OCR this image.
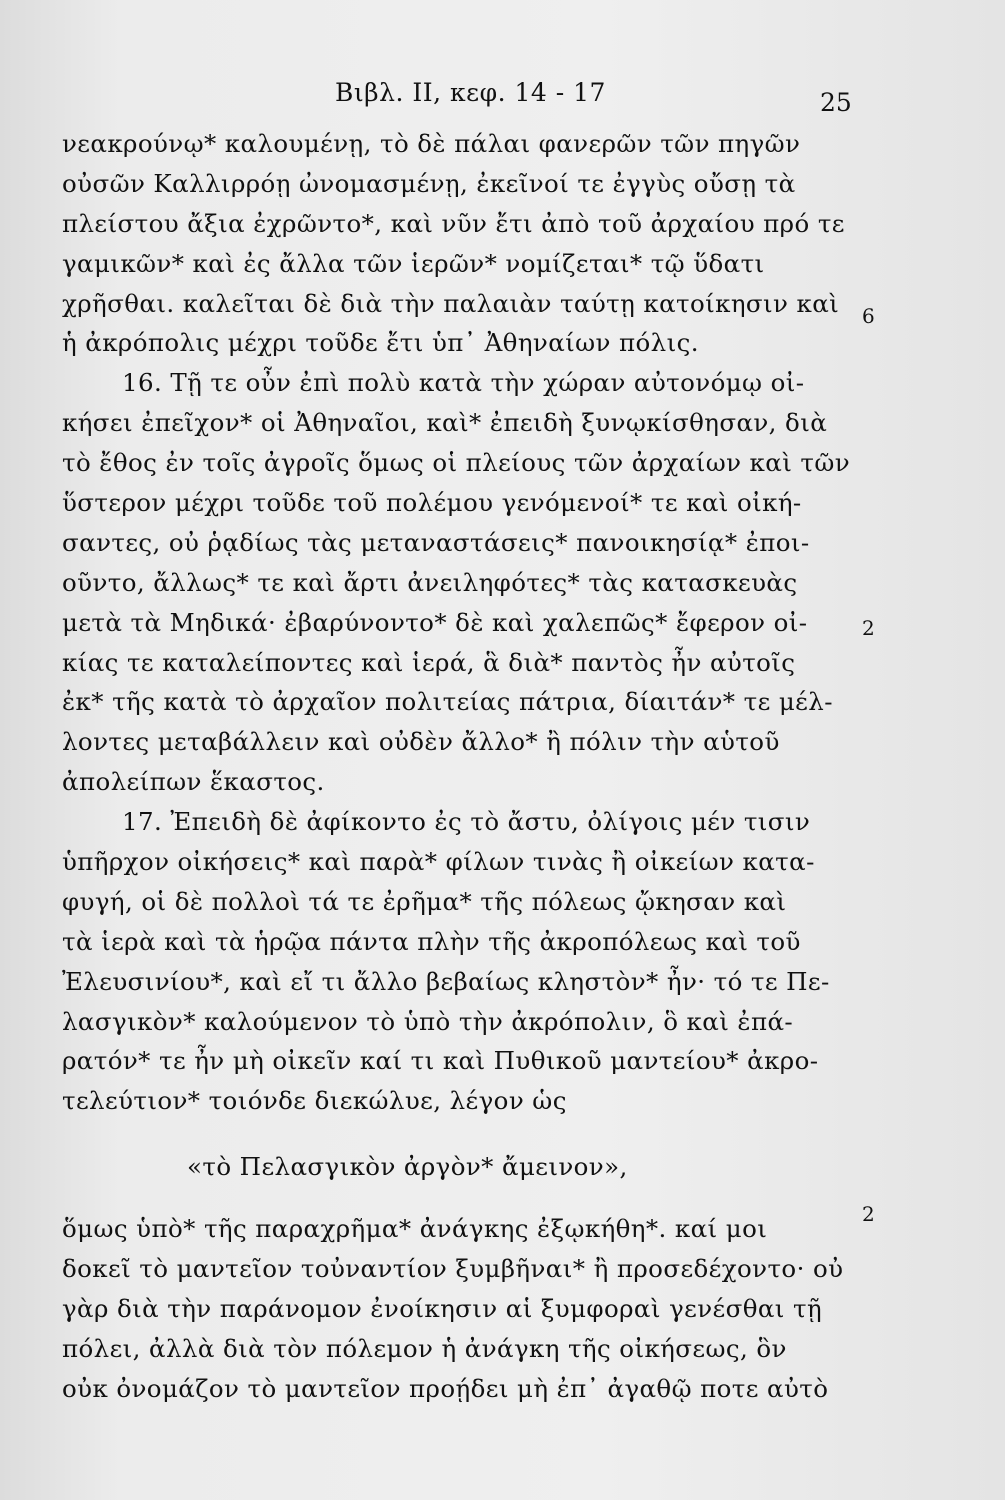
Βιβλ. ΙΙ, κεφ. 14 - 17	25
νεακρούνῳ* καλουμένῃ, τὸ δὲ πάλαι φανερῶν τῶν πηγῶν
οὐσῶν Καλλιρρόῃ ὠνομασμένῃ, ἐκεῖνοί τε ἐγγὺς οὔσῃ τὰ
πλείστου ἄξια ἐχρῶντο*, καὶ νῦν ἔτι ἀπὸ τοῦ ἀρχαίου πρό τε
γαμικῶν* καὶ ἐς ἄλλα τῶν ἱερῶν* νομίζεται* τῷ ὕδατι
χρῆσθαι. καλεῖται δὲ διὰ τὴν παλαιὰν ταύτῃ κατοίκησιν καὶ
ἡ ἀκρόπολις μέχρι τοῦδε ἔτι ὑπ᾿ Ἀθηναίων πόλις.
16. Τῇ τε οὖν ἐπὶ πολὺ κατὰ τὴν χώραν αὐτονόμῳ οἰ-
κήσει ἐπεῖχον* οἱ Ἀθηναῖοι, καὶ* ἐπειδὴ ξυνῳκίσθησαν, διὰ
τὸ ἔθος ἐν τοῖς ἀγροῖς ὅμως οἱ πλείους τῶν ἀρχαίων καὶ τῶν
ὕστερον μέχρι τοῦδε τοῦ πολέμου γενόμενοί* τε καὶ οἰκή-
σαντες, οὐ ῥᾳδίως τὰς μεταναστάσεις* πανοικησίᾳ* ἐποι-
οῦντο, ἄλλως* τε καὶ ἄρτι ἀνειληφότες* τὰς κατασκευὰς
μετὰ τὰ Μηδικά· ἐβαρύνοντο* δὲ καὶ χαλεπῶς* ἔφερον οἰ-
κίας τε καταλείποντες καὶ ἱερά, ἃ διὰ* παντὸς ἦν αὐτοῖς
ἐκ* τῆς κατὰ τὸ ἀρχαῖον πολιτείας πάτρια, δίαιτάν* τε μέλ-
λοντες μεταβάλλειν καὶ οὐδὲν ἄλλο* ἢ πόλιν τὴν αὑτοῦ
ἀπολείπων ἕκαστος.
17. Ἐπειδὴ δὲ ἀφίκοντο ἐς τὸ ἄστυ, ὀλίγοις μέν τισιν
ὑπῆρχον οἰκήσεις* καὶ παρὰ* φίλων τινὰς ἢ οἰκείων κατα-
φυγή, οἱ δὲ πολλοὶ τά τε ἐρῆμα* τῆς πόλεως ᾤκησαν καὶ
τὰ ἱερὰ καὶ τὰ ἡρῷα πάντα πλὴν τῆς ἀκροπόλεως καὶ τοῦ
Ἐλευσινίου*, καὶ εἴ τι ἄλλο βεβαίως κληστὸν* ἦν· τό τε Πε-
λασγικὸν* καλούμενον τὸ ὑπὸ τὴν ἀκρόπολιν, ὃ καὶ ἐπά-
ρατόν* τε ἦν μὴ οἰκεῖν καί τι καὶ Πυθικοῦ μαντείου* ἀκρο-
τελεύτιον* τοιόνδε διεκώλυε, λέγον ὡς
«τὸ Πελασγικὸν ἀργὸν* ἄμεινον»,
ὅμως ὑπὸ* τῆς παραχρῆμα* ἀνάγκης ἐξῳκήθη*. καί μοι
δοκεῖ τὸ μαντεῖον τοὐναντίον ξυμβῆναι* ἢ προσεδέχοντο· οὐ
γὰρ διὰ τὴν παράνομον ἐνοίκησιν αἱ ξυμφοραὶ γενέσθαι τῇ
πόλει, ἀλλὰ διὰ τὸν πόλεμον ἡ ἀνάγκη τῆς οἰκήσεως, ὃν
οὐκ ὀνομάζον τὸ μαντεῖον προῄδει μὴ ἐπ᾿ ἀγαθῷ ποτε αὐτὸ
6
2
2
